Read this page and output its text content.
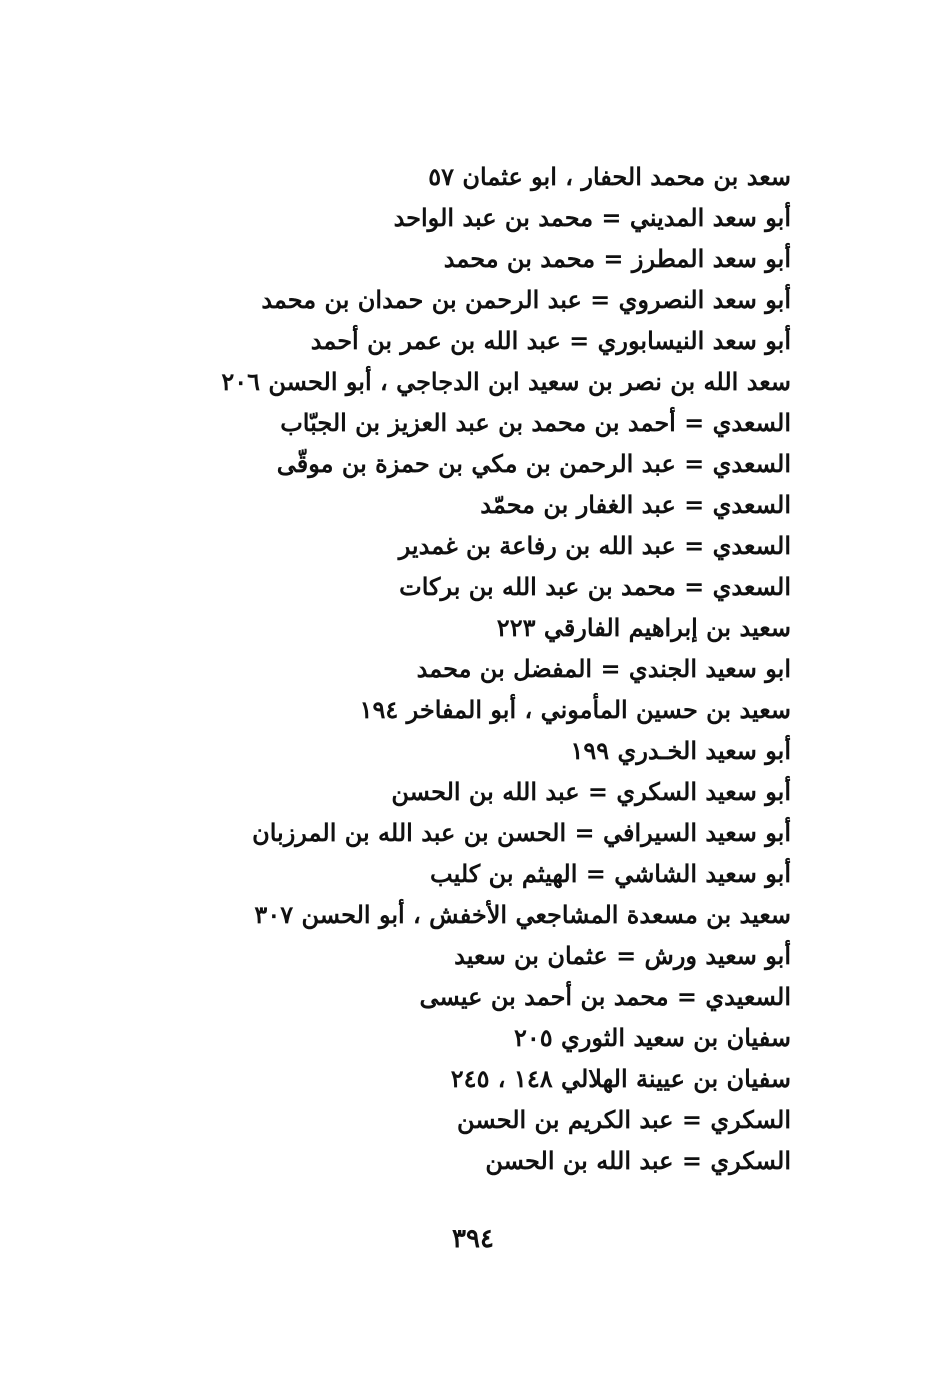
سعد بن محمد الحفار ، ابو عثمان ٥٧
أبو سعد المديني = محمد بن عبد الواحد
أبو سعد المطرز = محمد بن محمد
أبو سعد النصروي = عبد الرحمن بن حمدان بن محمد
أبو سعد النيسابوري = عبد الله بن عمر بن أحمد
سعد الله بن نصر بن سعيد ابن الدجاجي ، أبو الحسن ٢٠٦
السعدي = أحمد بن محمد بن عبد العزيز بن الجبّاب
السعدي = عبد الرحمن بن مكي بن حمزة بن موقّى
السعدي = عبد الغفار بن محمّد
السعدي = عبد الله بن رفاعة بن غمدير
السعدي = محمد بن عبد الله بن بركات
سعيد بن إبراهيم الفارقي ٢٢٣
ابو سعيد الجندي = المفضل بن محمد
سعيد بن حسين المأموني ، أبو المفاخر ١٩٤
أبو سعيد الخـدري ١٩٩
أبو سعيد السكري = عبد الله بن الحسن
أبو سعيد السيرافي = الحسن بن عبد الله بن المرزبان
أبو سعيد الشاشي = الهيثم بن كليب
سعيد بن مسعدة المشاجعي الأخفش ، أبو الحسن ٣٠٧
أبو سعيد ورش = عثمان بن سعيد
السعيدي = محمد بن أحمد بن عيسى
سفيان بن سعيد الثوري ٢٠٥
سفيان بن عيينة الهلالي ١٤٨ ، ٢٤٥
السكري = عبد الكريم بن الحسن
السكري = عبد الله بن الحسن
٣٩٤
